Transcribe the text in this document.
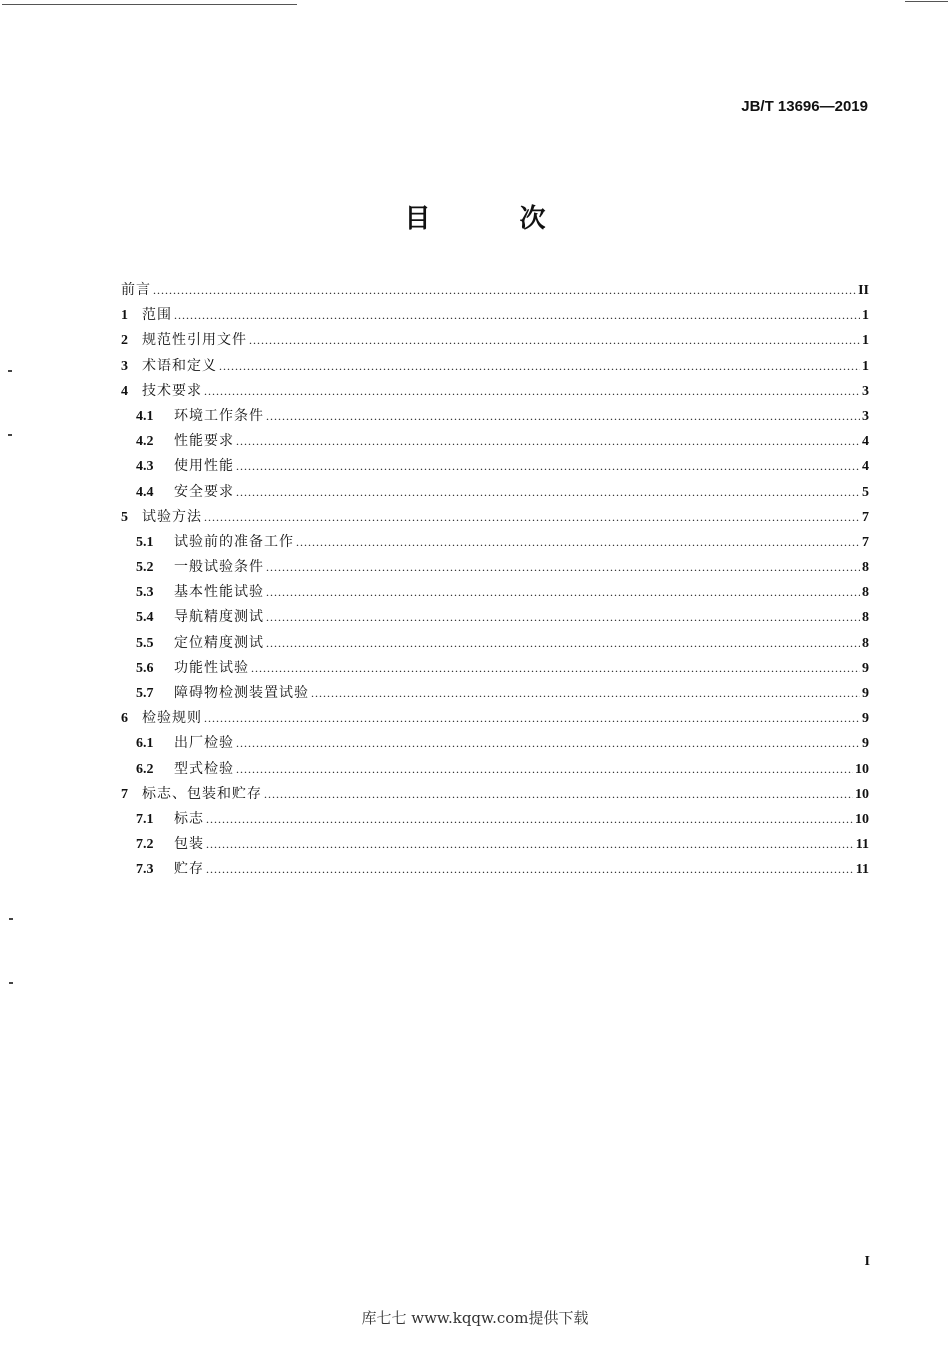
JB/T 13696—2019
目 次
前言 .....	II
1	范围 .....	1
2	规范性引用文件 .....	1
3	术语和定义 .....	1
4	技术要求 .....	3
4.1	环境工作条件 .....	3
4.2	性能要求 .....	4
4.3	使用性能 .....	4
4.4	安全要求 .....	5
5	试验方法 .....	7
5.1	试验前的准备工作 .....	7
5.2	一般试验条件 .....	8
5.3	基本性能试验 .....	8
5.4	导航精度测试 .....	8
5.5	定位精度测试 .....	8
5.6	功能性试验 .....	9
5.7	障碍物检测装置试验 .....	9
6	检验规则 .....	9
6.1	出厂检验 .....	9
6.2	型式检验 .....	10
7	标志、包装和贮存 .....	10
7.1	标志 .....	10
7.2	包装 .....	11
7.3	贮存 .....	11
I
库七七 www.kqqw.com提供下载
